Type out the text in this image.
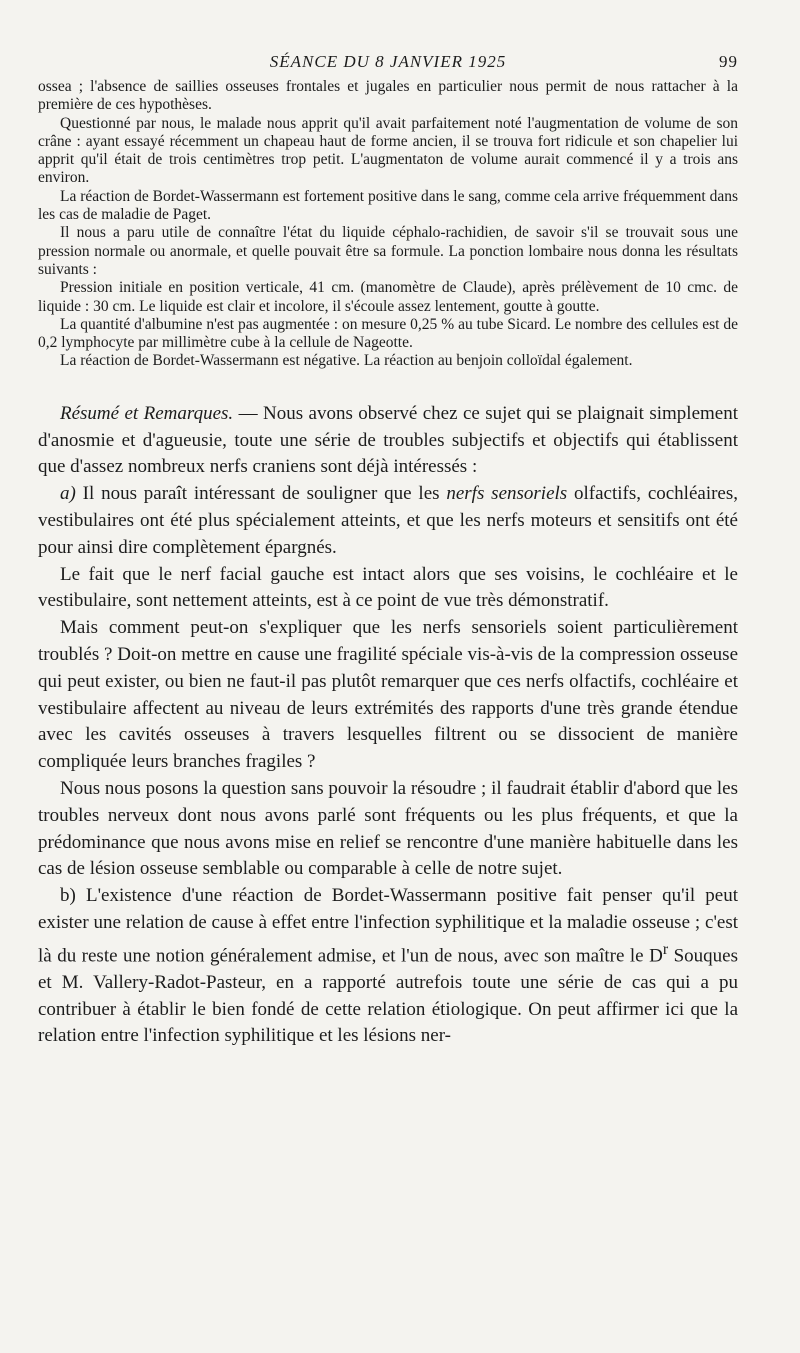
SÉANCE DU 8 JANVIER 1925	99

ossea ; l'absence de saillies osseuses frontales et jugales en particulier nous permit de nous rattacher à la première de ces hypothèses.

Questionné par nous, le malade nous apprit qu'il avait parfaitement noté l'augmentation de volume de son crâne : ayant essayé récemment un chapeau haut de forme ancien, il se trouva fort ridicule et son chapelier lui apprit qu'il était de trois centimètres trop petit. L'augmentaton de volume aurait commencé il y a trois ans environ.

La réaction de Bordet-Wassermann est fortement positive dans le sang, comme cela arrive fréquemment dans les cas de maladie de Paget.

Il nous a paru utile de connaître l'état du liquide céphalo-rachidien, de savoir s'il se trouvait sous une pression normale ou anormale, et quelle pouvait être sa formule. La ponction lombaire nous donna les résultats suivants :

Pression initiale en position verticale, 41 cm. (manomètre de Claude), après prélèvement de 10 cmc. de liquide : 30 cm. Le liquide est clair et incolore, il s'écoule assez lentement, goutte à goutte.

La quantité d'albumine n'est pas augmentée : on mesure 0,25 % au tube Sicard. Le nombre des cellules est de 0,2 lymphocyte par millimètre cube à la cellule de Nageotte.

La réaction de Bordet-Wassermann est négative. La réaction au benjoin colloïdal également.

Résumé et Remarques. — Nous avons observé chez ce sujet qui se plaignait simplement d'anosmie et d'agueusie, toute une série de troubles subjectifs et objectifs qui établissent que d'assez nombreux nerfs craniens sont déjà intéressés :

a) Il nous paraît intéressant de souligner que les nerfs sensoriels olfactifs, cochléaires, vestibulaires ont été plus spécialement atteints, et que les nerfs moteurs et sensitifs ont été pour ainsi dire complètement épargnés.

Le fait que le nerf facial gauche est intact alors que ses voisins, le cochléaire et le vestibulaire, sont nettement atteints, est à ce point de vue très démonstratif.

Mais comment peut-on s'expliquer que les nerfs sensoriels soient particulièrement troublés ? Doit-on mettre en cause une fragilité spéciale vis-à-vis de la compression osseuse qui peut exister, ou bien ne faut-il pas plutôt remarquer que ces nerfs olfactifs, cochléaire et vestibulaire affectent au niveau de leurs extrémités des rapports d'une très grande étendue avec les cavités osseuses à travers lesquelles filtrent ou se dissocient de manière compliquée leurs branches fragiles ?

Nous nous posons la question sans pouvoir la résoudre ; il faudrait établir d'abord que les troubles nerveux dont nous avons parlé sont fréquents ou les plus fréquents, et que la prédominance que nous avons mise en relief se rencontre d'une manière habituelle dans les cas de lésion osseuse semblable ou comparable à celle de notre sujet.

b) L'existence d'une réaction de Bordet-Wassermann positive fait penser qu'il peut exister une relation de cause à effet entre l'infection syphilitique et la maladie osseuse ; c'est là du reste une notion généralement admise, et l'un de nous, avec son maître le $D^r$ Souques et M. Vallery-Radot-Pasteur, en a rapporté autrefois toute une série de cas qui a pu contribuer à établir le bien fondé de cette relation étiologique. On peut affirmer ici que la relation entre l'infection syphilitique et les lésions ner-
